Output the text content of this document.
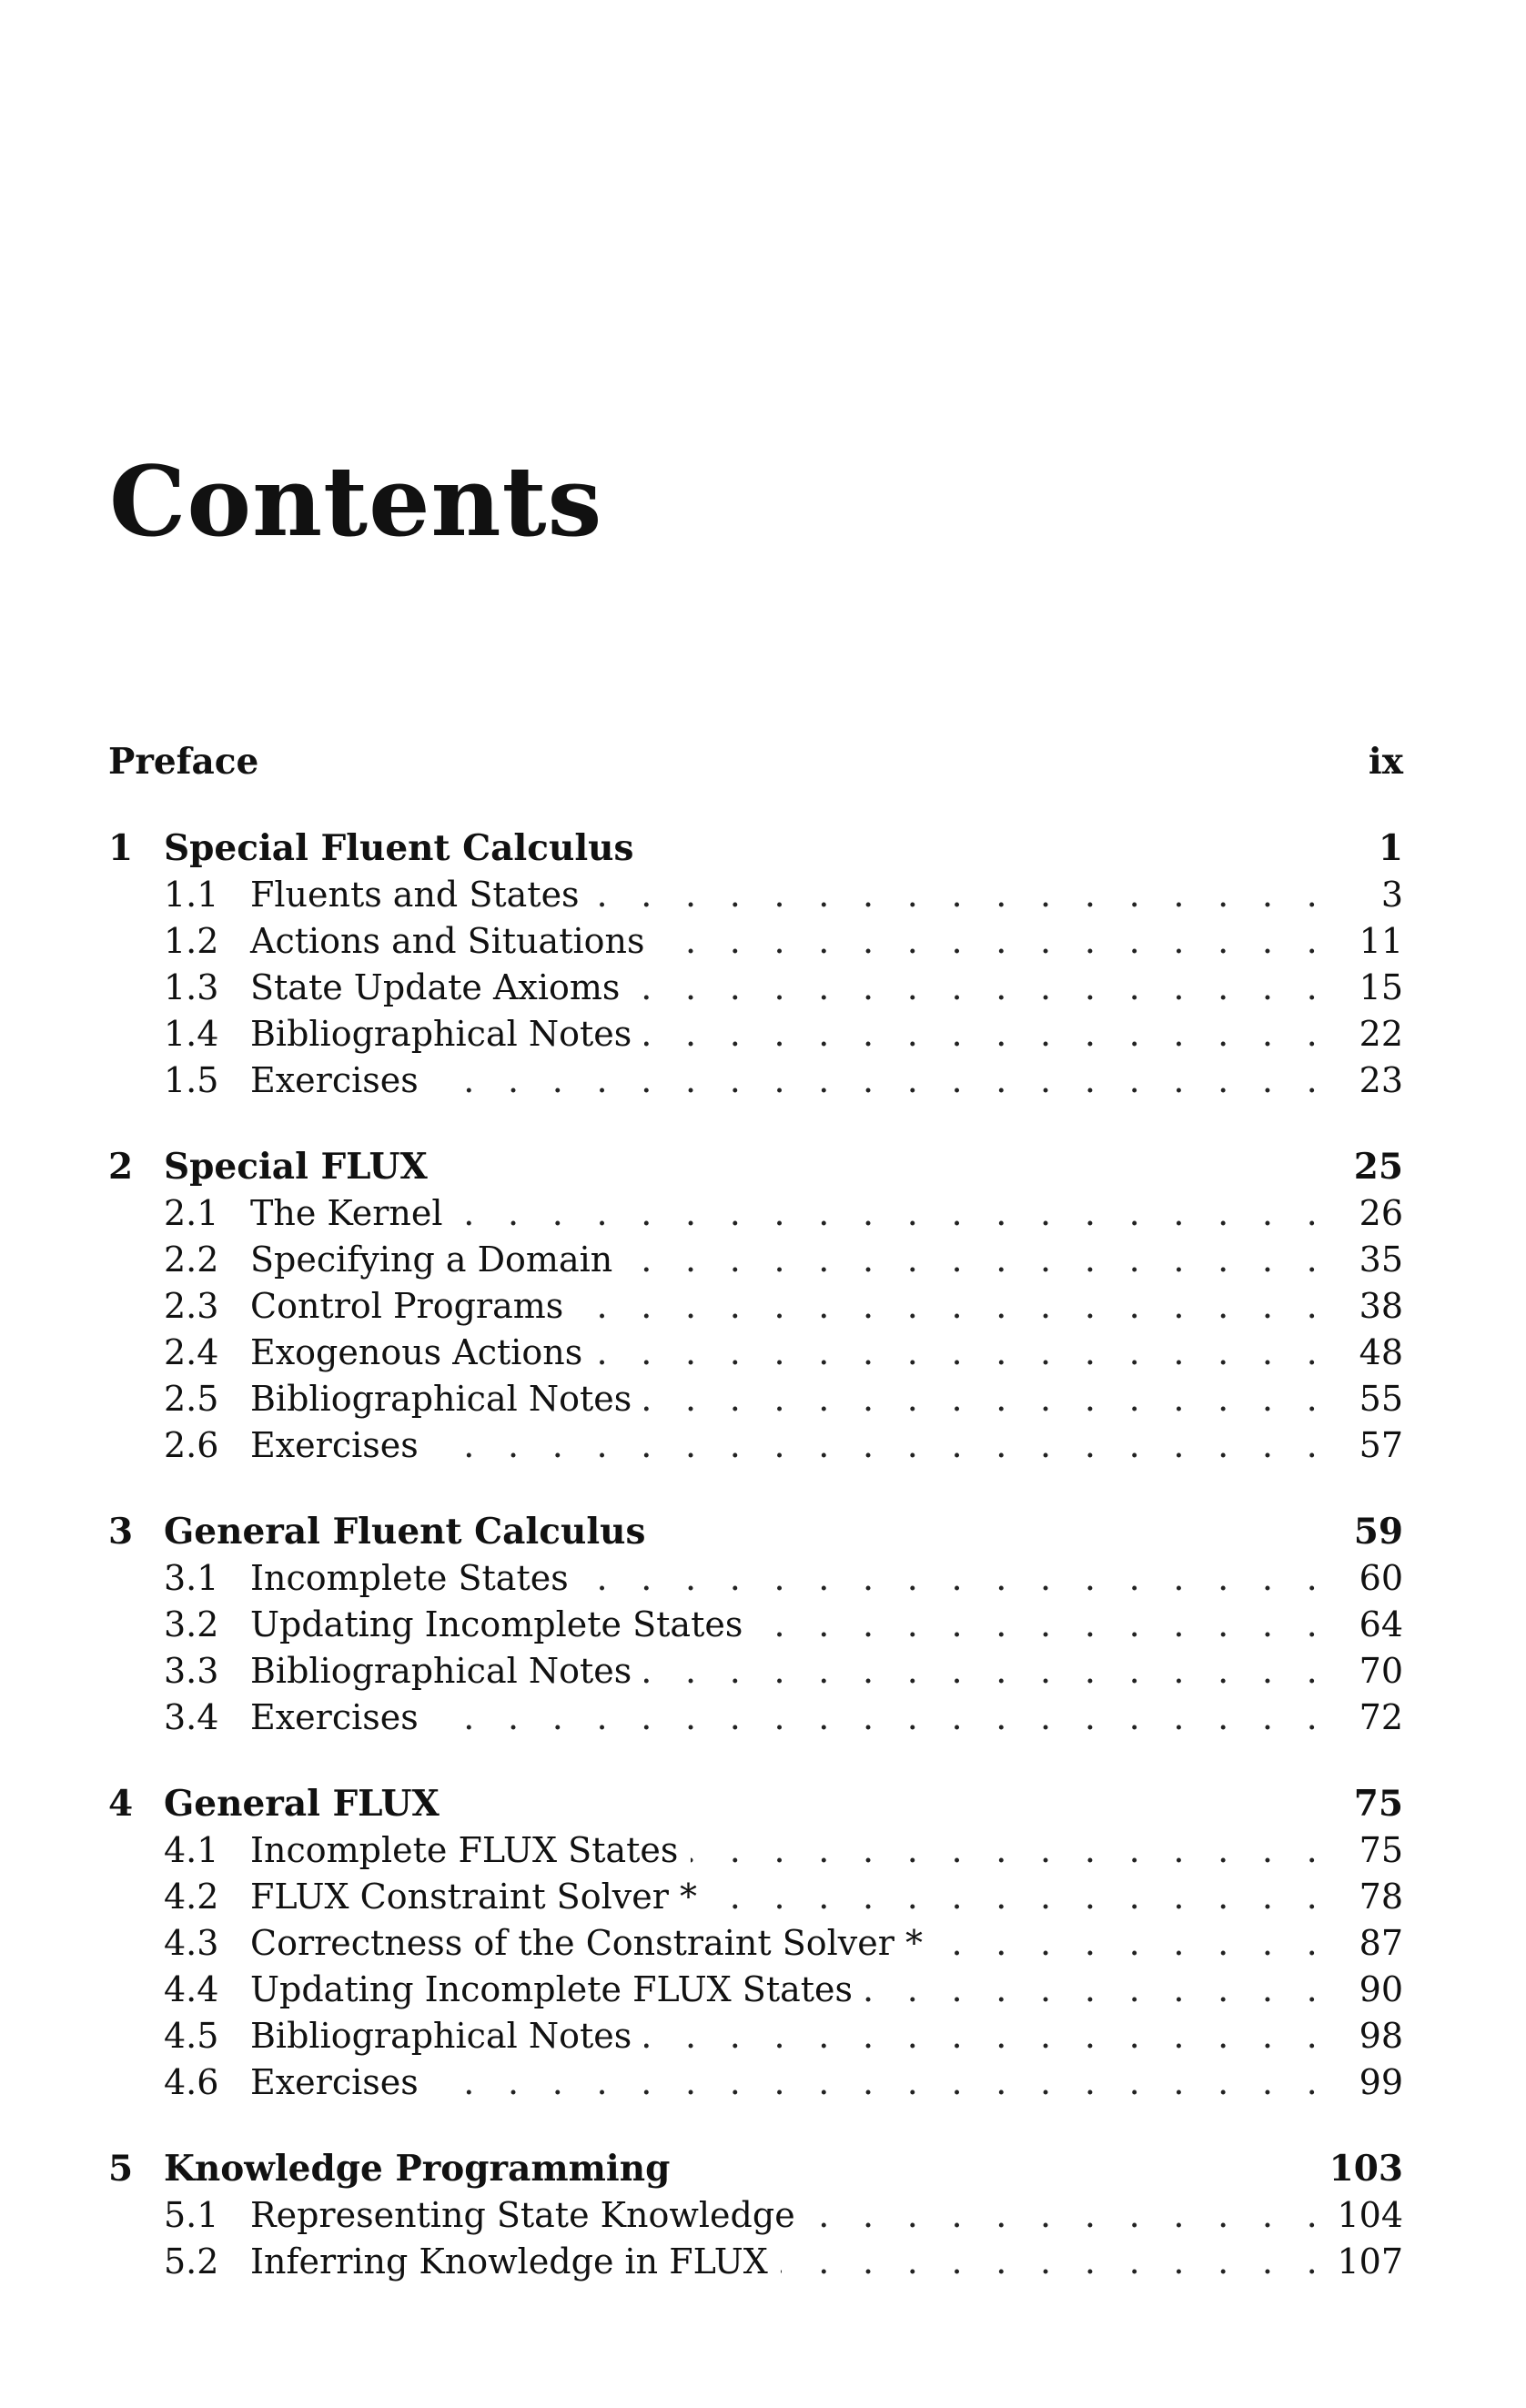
Contents
Preface	ix
1 Special Fluent Calculus	1
1.1 Fluents and States . . .	3
1.2 Actions and Situations . . .	11
1.3 State Update Axioms . . .	15
1.4 Bibliographical Notes . . .	22
1.5 Exercises . . .	23
2 Special FLUX	25
2.1 The Kernel . . .	26
2.2 Specifying a Domain . . .	35
2.3 Control Programs . . .	38
2.4 Exogenous Actions . . .	48
2.5 Bibliographical Notes . . .	55
2.6 Exercises . . .	57
3 General Fluent Calculus	59
3.1 Incomplete States . . .	60
3.2 Updating Incomplete States . . .	64
3.3 Bibliographical Notes . . .	70
3.4 Exercises . . .	72
4 General FLUX	75
4.1 Incomplete FLUX States . . .	75
4.2 FLUX Constraint Solver * . . .	78
4.3 Correctness of the Constraint Solver * . . .	87
4.4 Updating Incomplete FLUX States . . .	90
4.5 Bibliographical Notes . . .	98
4.6 Exercises . . .	99
5 Knowledge Programming	103
5.1 Representing State Knowledge . . .	104
5.2 Inferring Knowledge in FLUX . . .	107
